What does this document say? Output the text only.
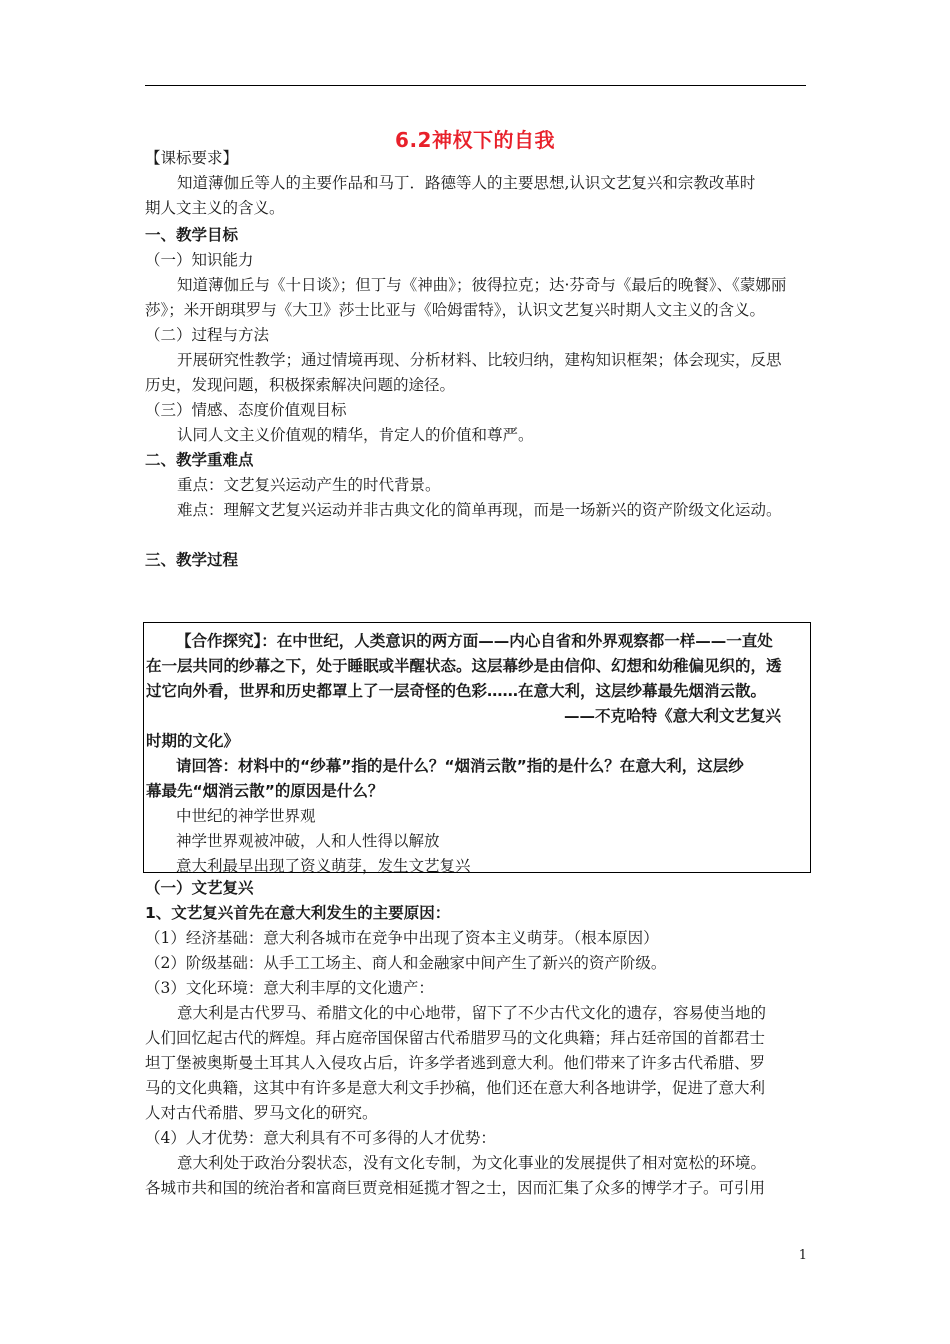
6.2神权下的自我
【课标要求】
知道薄伽丘等人的主要作品和马丁．路德等人的主要思想,认识文艺复兴和宗教改革时
期人文主义的含义。
一、教学目标
（一）知识能力
知道薄伽丘与《十日谈》；但丁与《神曲》；彼得拉克；达·芬奇与《最后的晚餐》、《蒙娜丽
莎》；米开朗琪罗与《大卫》莎士比亚与《哈姆雷特》，认识文艺复兴时期人文主义的含义。
（二）过程与方法
开展研究性教学；通过情境再现、分析材料、比较归纳，建构知识框架；体会现实，反思
历史，发现问题，积极探索解决问题的途径。
（三）情感、态度价值观目标
认同人文主义价值观的精华，肯定人的价值和尊严。
二、教学重难点
重点：文艺复兴运动产生的时代背景。
难点：理解文艺复兴运动并非古典文化的简单再现，而是一场新兴的资产阶级文化运动。
三、教学过程
【合作探究】：在中世纪，人类意识的两方面——内心自省和外界观察都一样——一直处
在一层共同的纱幕之下，处于睡眠或半醒状态。这层幕纱是由信仰、幻想和幼稚偏见织的，透
过它向外看，世界和历史都罩上了一层奇怪的色彩……在意大利，这层纱幕最先烟消云散。
——不克哈特《意大利文艺复兴
时期的文化》
请回答：材料中的“纱幕”指的是什么？“烟消云散”指的是什么？在意大利，这层纱
幕最先“烟消云散”的原因是什么？
中世纪的神学世界观
神学世界观被冲破，人和人性得以解放
意大利最早出现了资义萌芽，发生文艺复兴
（一）文艺复兴
1、文艺复兴首先在意大利发生的主要原因：
（1）经济基础：意大利各城市在竞争中出现了资本主义萌芽。（根本原因）
（2）阶级基础：从手工工场主、商人和金融家中间产生了新兴的资产阶级。
（3）文化环境：意大利丰厚的文化遗产：
意大利是古代罗马、希腊文化的中心地带，留下了不少古代文化的遗存，容易使当地的
人们回忆起古代的辉煌。拜占庭帝国保留古代希腊罗马的文化典籍；拜占廷帝国的首都君士
坦丁堡被奥斯曼土耳其人入侵攻占后，许多学者逃到意大利。他们带来了许多古代希腊、罗
马的文化典籍，这其中有许多是意大利文手抄稿，他们还在意大利各地讲学，促进了意大利
人对古代希腊、罗马文化的研究。
（4）人才优势：意大利具有不可多得的人才优势：
意大利处于政治分裂状态，没有文化专制，为文化事业的发展提供了相对宽松的环境。
各城市共和国的统治者和富商巨贾竞相延揽才智之士，因而汇集了众多的博学才子。可引用
1
